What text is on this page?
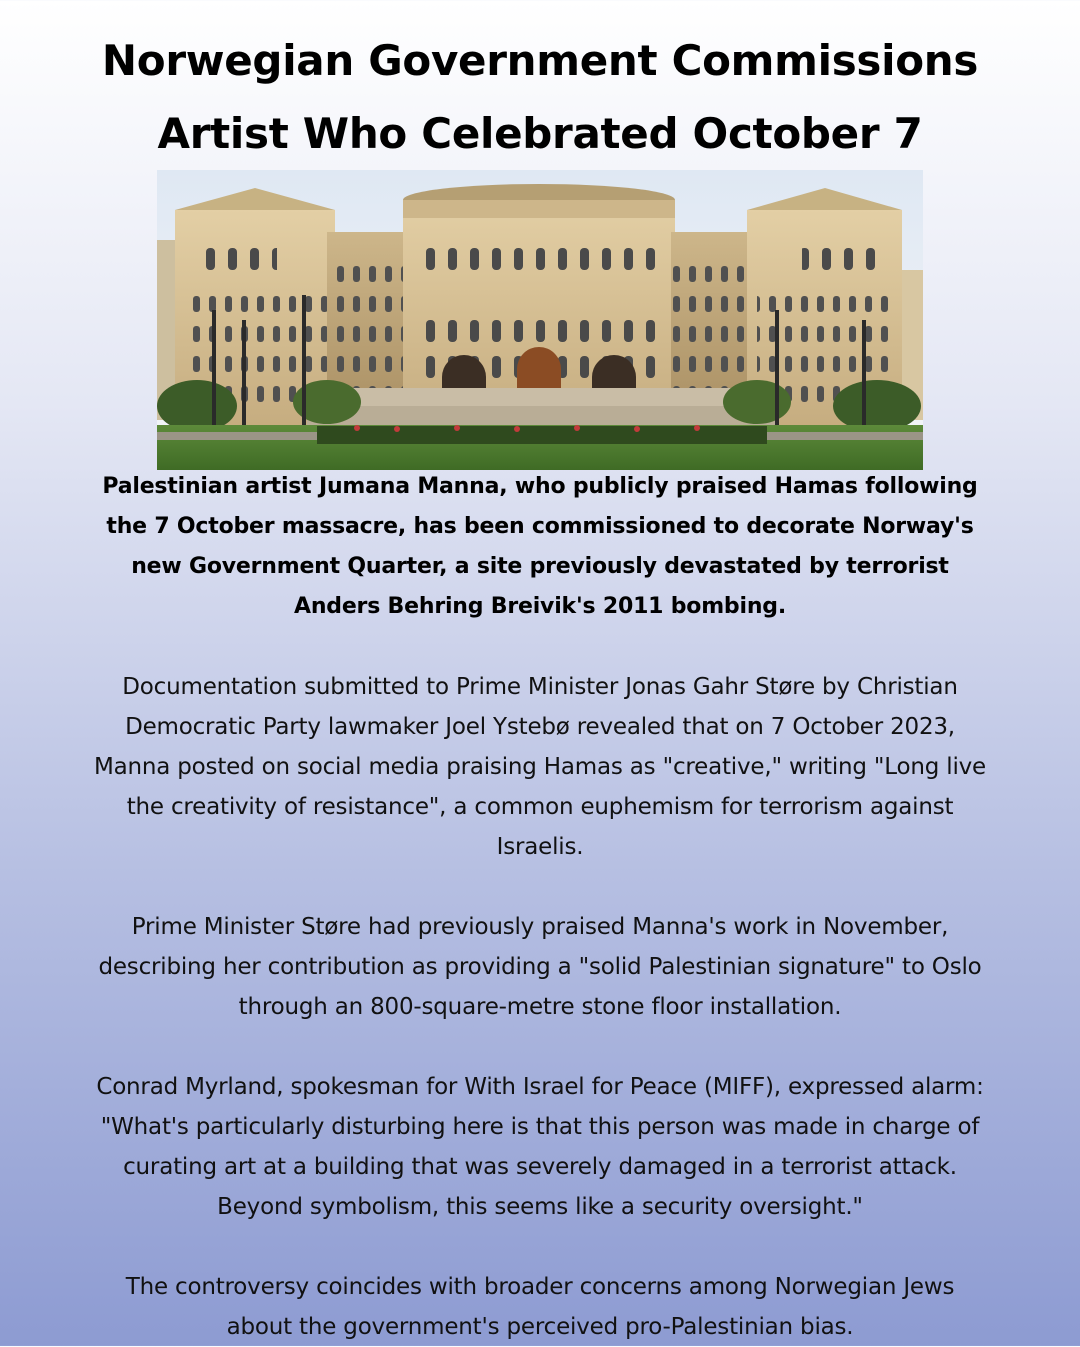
Norwegian Government Commissions
Artist Who Celebrated October 7

Palestinian artist Jumana Manna, who publicly praised Hamas following
the 7 October massacre, has been commissioned to decorate Norway's
new Government Quarter, a site previously devastated by terrorist
Anders Behring Breivik's 2011 bombing.

Documentation submitted to Prime Minister Jonas Gahr Støre by Christian
Democratic Party lawmaker Joel Ystebø revealed that on 7 October 2023,
Manna posted on social media praising Hamas as "creative," writing "Long live
the creativity of resistance", a common euphemism for terrorism against
Israelis.

Prime Minister Støre had previously praised Manna's work in November,
describing her contribution as providing a "solid Palestinian signature" to Oslo
through an 800-square-metre stone floor installation.

Conrad Myrland, spokesman for With Israel for Peace (MIFF), expressed alarm:
"What's particularly disturbing here is that this person was made in charge of
curating art at a building that was severely damaged in a terrorist attack.
Beyond symbolism, this seems like a security oversight."

The controversy coincides with broader concerns among Norwegian Jews
about the government's perceived pro-Palestinian bias.
